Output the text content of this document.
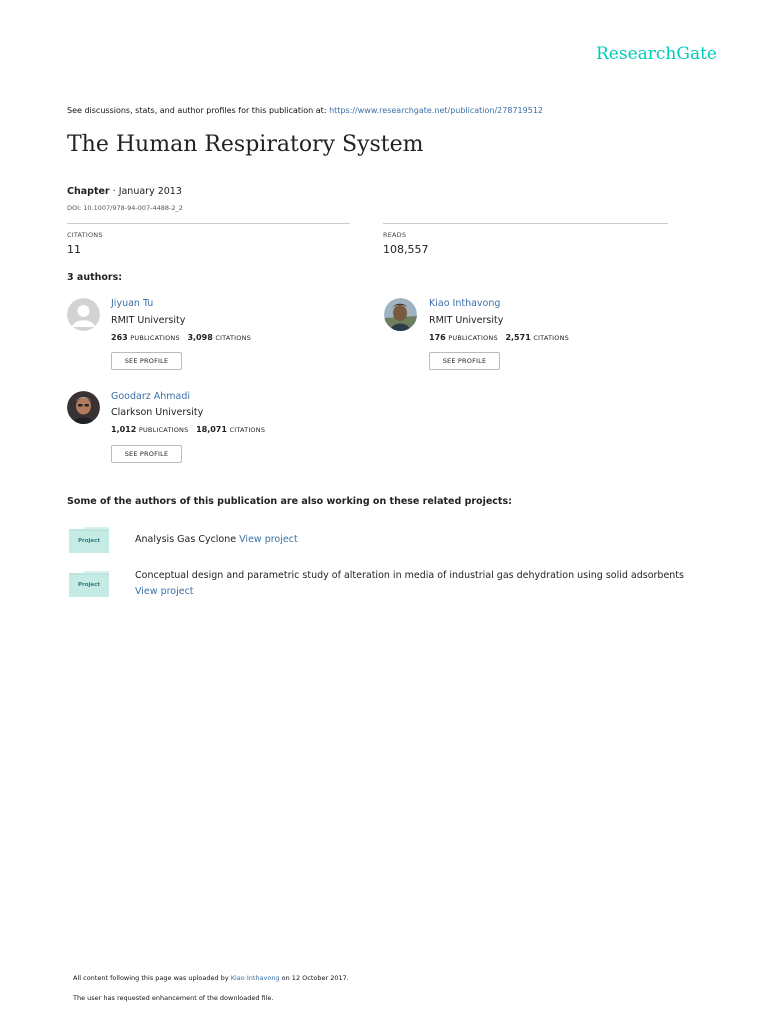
ResearchGate
See discussions, stats, and author profiles for this publication at: https://www.researchgate.net/publication/278719512
The Human Respiratory System
Chapter · January 2013
DOI: 10.1007/978-94-007-4488-2_2
CITATIONS
11
READS
108,557
3 authors:
Jiyuan Tu
RMIT University
263 PUBLICATIONS 3,098 CITATIONS
SEE PROFILE
Kiao Inthavong
RMIT University
176 PUBLICATIONS 2,571 CITATIONS
SEE PROFILE
Goodarz Ahmadi
Clarkson University
1,012 PUBLICATIONS 18,071 CITATIONS
SEE PROFILE
Some of the authors of this publication are also working on these related projects:
Project	Analysis Gas Cyclone View project
Project
Conceptual design and parametric study of alteration in media of industrial gas dehydration using solid adsorbents View project
All content following this page was uploaded by Kiao Inthavong on 12 October 2017.
The user has requested enhancement of the downloaded file.
